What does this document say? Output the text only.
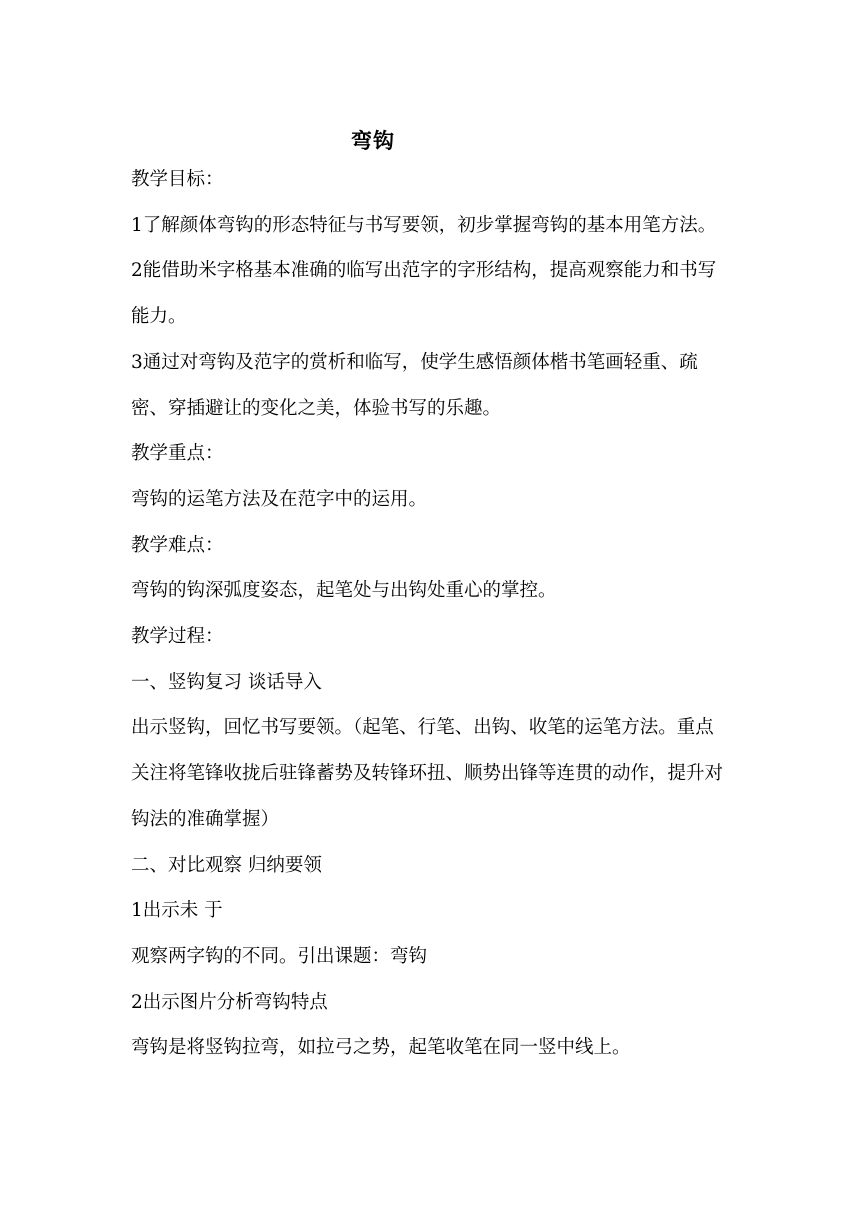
弯钩

教学目标：

1了解颜体弯钩的形态特征与书写要领，初步掌握弯钩的基本用笔方法。

2能借助米字格基本准确的临写出范字的字形结构，提高观察能力和书写能力。

3通过对弯钩及范字的赏析和临写，使学生感悟颜体楷书笔画轻重、疏密、穿插避让的变化之美，体验书写的乐趣。

教学重点：

弯钩的运笔方法及在范字中的运用。

教学难点：

弯钩的钩深弧度姿态，起笔处与出钩处重心的掌控。

教学过程：

一、竖钩复习 谈话导入

出示竖钩，回忆书写要领。（起笔、行笔、出钩、收笔的运笔方法。重点关注将笔锋收拢后驻锋蓄势及转锋环扭、顺势出锋等连贯的动作，提升对钩法的准确掌握）

二、对比观察 归纳要领

1出示未 于

观察两字钩的不同。引出课题：弯钩

2出示图片分析弯钩特点

弯钩是将竖钩拉弯，如拉弓之势，起笔收笔在同一竖中线上。
